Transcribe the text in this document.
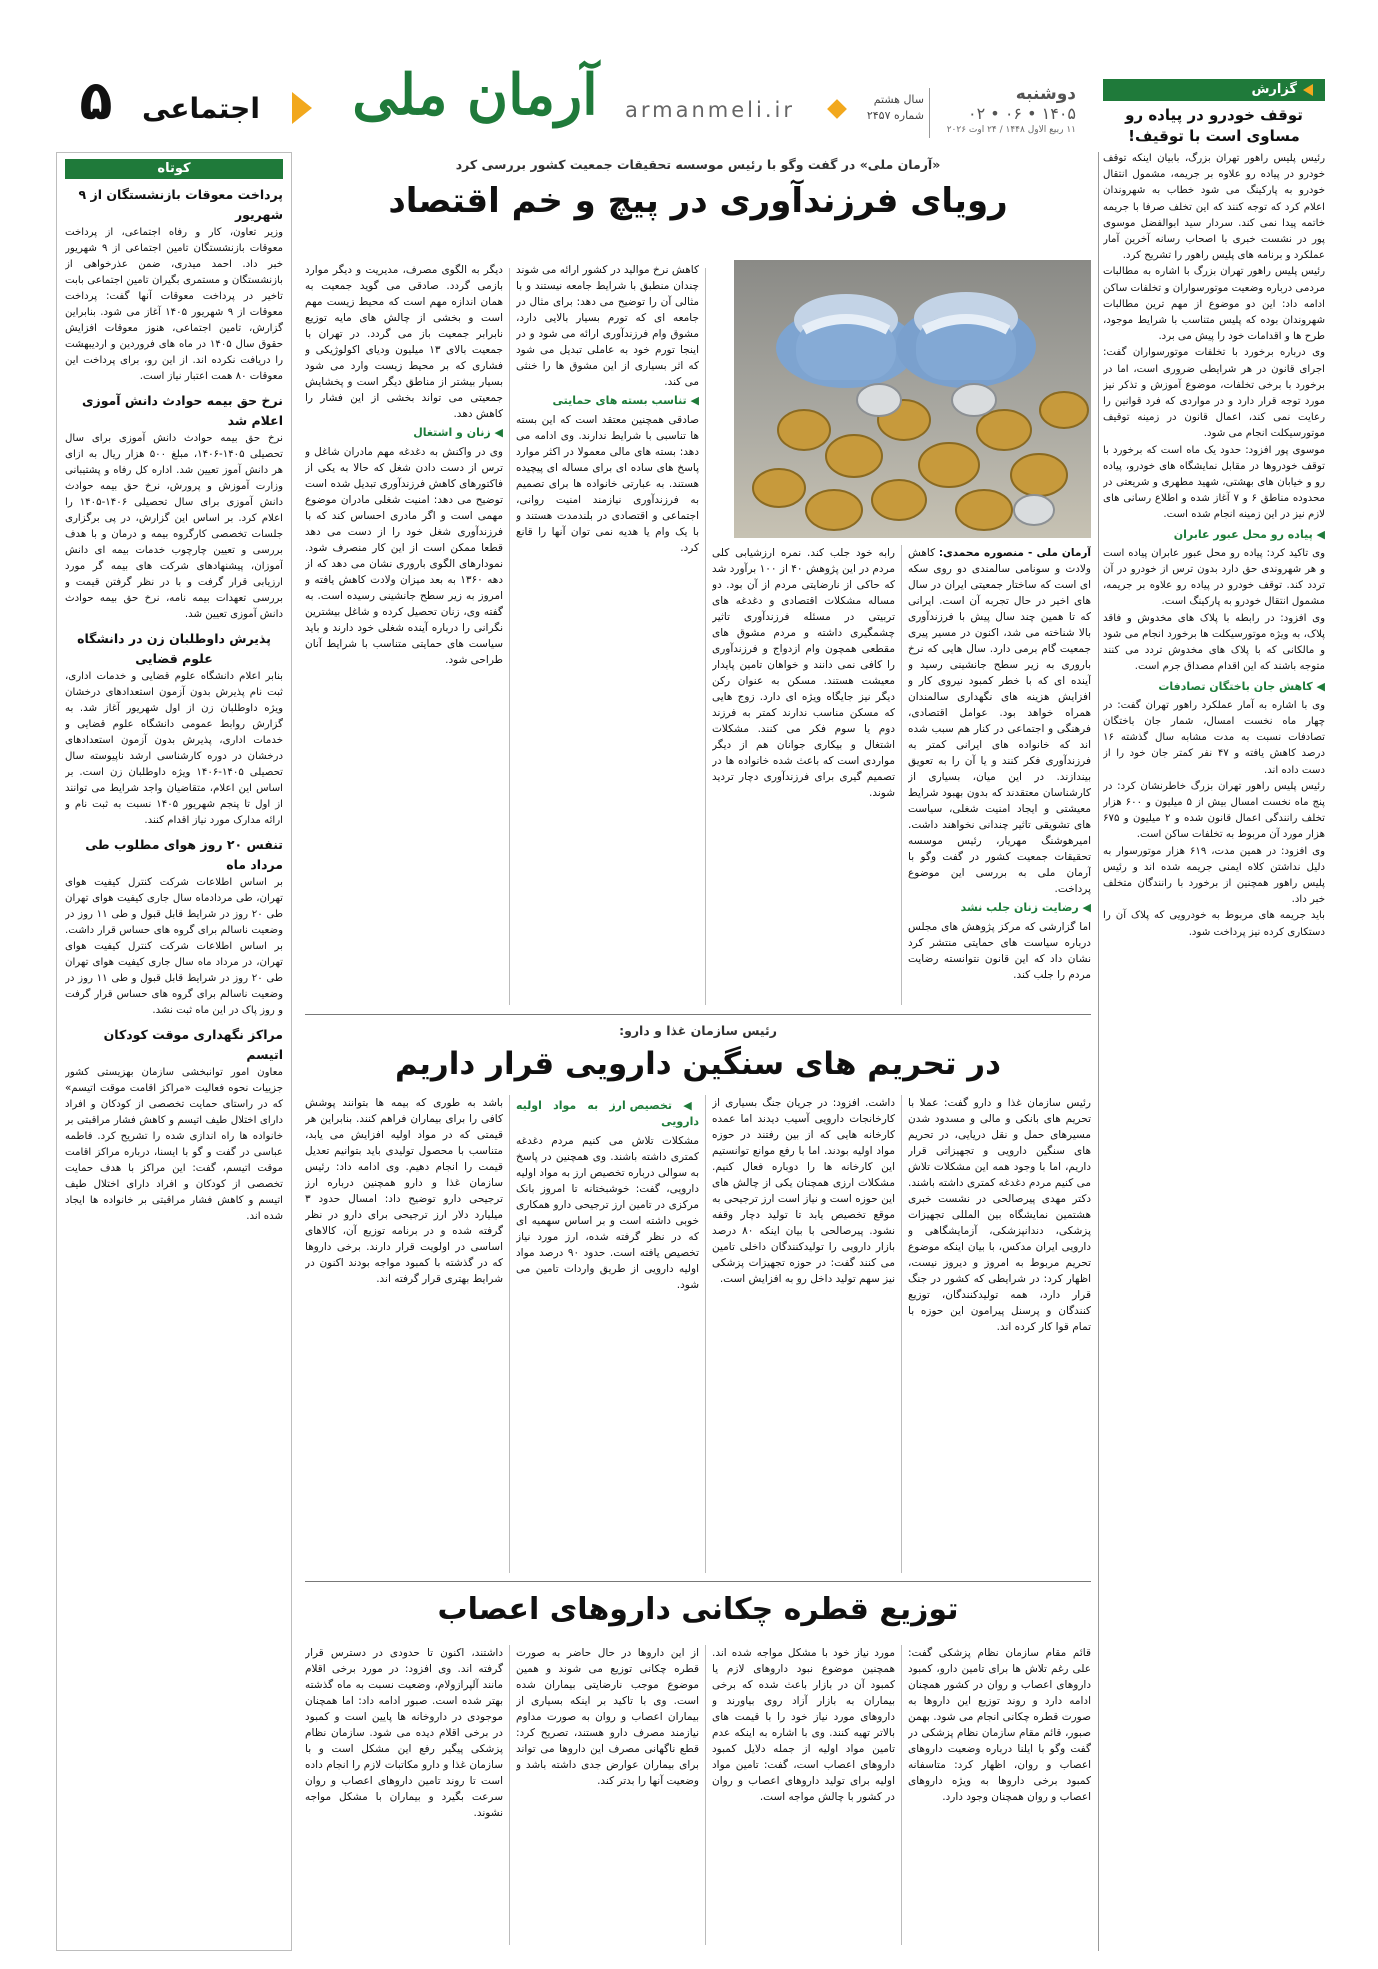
۵	اجتماعی آرمان ملی	armanmeli.ir	سال هشتم
شماره ۲۴۵۷
دوشنبه
۱۴۰۵ • ۰۶ • ۰۲
۱۱ ربیع الاول ۱۴۴۸ / ۲۴ اوت ۲۰۲۶
گزارش
توقف خودرو در پیاده رو مساوی است با توقیف!

رئیس پلیس راهور تهران بزرگ، بابیان اینکه توقف خودرو در پیاده رو علاوه بر جریمه، مشمول انتقال خودرو به پارکینگ می شود خطاب به شهروندان اعلام کرد که توجه کنند که این تخلف صرفا با جریمه خاتمه پیدا نمی کند. سردار سید ابوالفضل موسوی پور در نشست خبری با اصحاب رسانه آخرین آمار عملکرد و برنامه های پلیس راهور را تشریح کرد.

رئیس پلیس راهور تهران بزرگ با اشاره به مطالبات مردمی درباره وضعیت موتورسواران و تخلفات ساکن ادامه داد: این دو موضوع از مهم ترین مطالبات شهروندان بوده که پلیس متناسب با شرایط موجود، طرح ها و اقدامات خود را پیش می برد.

وی درباره برخورد با تخلفات موتورسواران گفت: اجرای قانون در هر شرایطی ضروری است، اما در برخورد با برخی تخلفات، موضوع آموزش و تذکر نیز مورد توجه قرار دارد و در مواردی که فرد قوانین را رعایت نمی کند، اعمال قانون در زمینه توقیف موتورسیکلت انجام می شود.

موسوی پور افزود: حدود یک ماه است که برخورد با توقف خودروها در مقابل نمایشگاه های خودرو، پیاده رو و خیابان های بهشتی، شهید مطهری و شریعتی در محدوده مناطق ۶ و ۷ آغاز شده و اطلاع رسانی های لازم نیز در این زمینه انجام شده است.

◀ پیاده رو محل عبور عابران

وی تاکید کرد: پیاده رو محل عبور عابران پیاده است و هر شهروندی حق دارد بدون ترس از خودرو در آن تردد کند. توقف خودرو در پیاده رو علاوه بر جریمه، مشمول انتقال خودرو به پارکینگ است.

وی افزود: در رابطه با پلاک های مخدوش و فاقد پلاک، به ویژه موتورسیکلت ها برخورد انجام می شود و مالکانی که با پلاک های مخدوش تردد می کنند متوجه باشند که این اقدام مصداق جرم است.

◀ کاهش جان باختگان تصادفات

وی با اشاره به آمار عملکرد راهور تهران گفت: در چهار ماه نخست امسال، شمار جان باختگان تصادفات نسبت به مدت مشابه سال گذشته ۱۶ درصد کاهش یافته و ۴۷ نفر کمتر جان خود را از دست داده اند.

رئیس پلیس راهور تهران بزرگ خاطرنشان کرد: در پنج ماه نخست امسال بیش از ۵ میلیون و ۶۰۰ هزار تخلف رانندگی اعمال قانون شده و ۲ میلیون و ۶۷۵ هزار مورد آن مربوط به تخلفات ساکن است.

وی افزود: در همین مدت، ۶۱۹ هزار موتورسوار به دلیل نداشتن کلاه ایمنی جریمه شده اند و رئیس پلیس راهور همچنین از برخورد با رانندگان متخلف خبر داد.

باید جریمه های مربوط به خودرویی که پلاک آن را دستکاری کرده نیز پرداخت شود.

کوتاه
پرداخت معوقات بازنشستگان از ۹ شهریور
وزیر تعاون، کار و رفاه اجتماعی، از پرداخت معوقات بازنشستگان تامین اجتماعی از ۹ شهریور خبر داد. احمد میدری، ضمن عذرخواهی از بازنشستگان و مستمری بگیران تامین اجتماعی بابت تاخیر در پرداخت معوقات آنها گفت: پرداخت معوقات از ۹ شهریور ۱۴۰۵ آغاز می شود. بنابراین گزارش، تامین اجتماعی، هنوز معوقات افزایش حقوق سال ۱۴۰۵ در ماه های فروردین و اردیبهشت را دریافت نکرده اند. از این رو، برای پرداخت این معوقات ۸۰ همت اعتبار نیاز است.
نرخ حق بیمه حوادث دانش آموزی اعلام شد
نرخ حق بیمه حوادث دانش آموزی برای سال تحصیلی ۱۴۰۵-۱۴۰۶، مبلغ ۵۰۰ هزار ریال به ازای هر دانش آموز تعیین شد. اداره کل رفاه و پشتیبانی وزارت آموزش و پرورش، نرخ حق بیمه حوادث دانش آموزی برای سال تحصیلی ۱۴۰۶-۱۴۰۵ را اعلام کرد. بر اساس این گزارش، در پی برگزاری جلسات تخصصی کارگروه بیمه و درمان و با هدف بررسی و تعیین چارچوب خدمات بیمه ای دانش آموزان، پیشنهادهای شرکت های بیمه گر مورد ارزیابی قرار گرفت و با در نظر گرفتن قیمت و بررسی تعهدات بیمه نامه، نرخ حق بیمه حوادث دانش آموزی تعیین شد.
پذیرش داوطلبان زن در دانشگاه علوم قضایی
بنابر اعلام دانشگاه علوم قضایی و خدمات اداری، ثبت نام پذیرش بدون آزمون استعدادهای درخشان ویژه داوطلبان زن از اول شهریور آغاز شد. به گزارش روابط عمومی دانشگاه علوم قضایی و خدمات اداری، پذیرش بدون آزمون استعدادهای درخشان در دوره کارشناسی ارشد ناپیوسته سال تحصیلی ۱۴۰۵-۱۴۰۶ ویژه داوطلبان زن است. بر اساس این اعلام، متقاضیان واجد شرایط می توانند از اول تا پنجم شهریور ۱۴۰۵ نسبت به ثبت نام و ارائه مدارک مورد نیاز اقدام کنند.
تنفس ۲۰ روز هوای مطلوب طی مرداد ماه
بر اساس اطلاعات شرکت کنترل کیفیت هوای تهران، طی مردادماه سال جاری کیفیت هوای تهران طی ۲۰ روز در شرایط قابل قبول و طی ۱۱ روز در وضعیت ناسالم برای گروه های حساس قرار داشت. بر اساس اطلاعات شرکت کنترل کیفیت هوای تهران، در مرداد ماه سال جاری کیفیت هوای تهران طی ۲۰ روز در شرایط قابل قبول و طی ۱۱ روز در وضعیت ناسالم برای گروه های حساس قرار گرفت و روز پاک در این ماه ثبت نشد.
مراکز نگهداری موقت کودکان اتیسم
معاون امور توانبخشی سازمان بهزیستی کشور جزییات نحوه فعالیت «مراکز اقامت موقت اتیسم» که در راستای حمایت تخصصی از کودکان و افراد دارای اختلال طیف اتیسم و کاهش فشار مراقبتی بر خانواده ها راه اندازی شده را تشریح کرد. فاطمه عباسی در گفت و گو با ایسنا، درباره مراکز اقامت موقت اتیسم، گفت: این مراکز با هدف حمایت تخصصی از کودکان و افراد دارای اختلال طیف اتیسم و کاهش فشار مراقبتی بر خانواده ها ایجاد شده اند.
«آرمان ملی» در گفت وگو با رئیس موسسه تحقیقات جمعیت کشور بررسی کرد
رویای فرزندآوری در پیچ و خم اقتصاد
آرمان ملی - منصوره محمدی: کاهش ولادت و سونامی سالمندی دو روی سکه ای است که ساختار جمعیتی ایران در سال های اخیر در حال تجربه آن است. ایرانی که تا همین چند سال پیش با فرزندآوری بالا شناخته می شد، اکنون در مسیر پیری جمعیت گام برمی دارد. سال هایی که نرخ باروری به زیر سطح جانشینی رسید و آینده ای که با خطر کمبود نیروی کار و افزایش هزینه های نگهداری سالمندان همراه خواهد بود. عوامل اقتصادی، فرهنگی و اجتماعی در کنار هم سبب شده اند که خانواده های ایرانی کمتر به فرزندآوری فکر کنند و یا آن را به تعویق بیندازند. در این میان، بسیاری از کارشناسان معتقدند که بدون بهبود شرایط معیشتی و ایجاد امنیت شغلی، سیاست های تشویقی تاثیر چندانی نخواهند داشت. امیرهوشنگ مهریار، رئیس موسسه تحقیقات جمعیت کشور در گفت وگو با آرمان ملی به بررسی این موضوع پرداخت.
◀ رضایت زنان جلب نشد
اما گزارشی که مرکز پژوهش های مجلس درباره سیاست های حمایتی منتشر کرد نشان داد که این قانون نتوانسته رضایت مردم را جلب کند.
رابه خود جلب کند. نمره ارزشیابی کلی مردم در این پژوهش ۴۰ از ۱۰۰ برآورد شد که حاکی از نارضایتی مردم از آن بود. دو مساله مشکلات اقتصادی و دغدغه های تربیتی در مسئله فرزندآوری تاثیر چشمگیری داشته و مردم مشوق های مقطعی همچون وام ازدواج و فرزندآوری را کافی نمی دانند و خواهان تامین پایدار معیشت هستند. مسکن به عنوان رکن دیگر نیز جایگاه ویژه ای دارد. زوج هایی که مسکن مناسب ندارند کمتر به فرزند دوم یا سوم فکر می کنند. مشکلات اشتغال و بیکاری جوانان هم از دیگر مواردی است که باعث شده خانواده ها در تصمیم گیری برای فرزندآوری دچار تردید شوند.
کاهش نرخ موالید در کشور ارائه می شوند چندان منطبق با شرایط جامعه نیستند و با مثالی آن را توضیح می دهد: برای مثال در جامعه ای که تورم بسیار بالایی دارد، مشوق وام فرزندآوری ارائه می شود و در اینجا تورم خود به عاملی تبدیل می شود که اثر بسیاری از این مشوق ها را خنثی می کند.
◀ تناسب بسته های حمایتی
صادقی همچنین معتقد است که این بسته ها تناسبی با شرایط ندارند. وی ادامه می دهد: بسته های مالی معمولا در اکثر موارد پاسخ های ساده ای برای مساله ای پیچیده هستند. به عبارتی خانواده ها برای تصمیم به فرزندآوری نیازمند امنیت روانی، اجتماعی و اقتصادی در بلندمدت هستند و با یک وام یا هدیه نمی توان آنها را قانع کرد.
دیگر به الگوی مصرف، مدیریت و دیگر موارد بازمی گردد. صادقی می گوید جمعیت به همان اندازه مهم است که محیط زیست مهم است و بخشی از چالش های مایه توزیع نابرابر جمعیت باز می گردد. در تهران با جمعیت بالای ۱۳ میلیون ودیای اکولوژیکی و فشاری که بر محیط زیست وارد می شود بسیار بیشتر از مناطق دیگر است و پخشایش جمعیتی می تواند بخشی از این فشار را کاهش دهد.
◀ زنان و اشتغال
وی در واکنش به دغدغه مهم مادران شاغل و ترس از دست دادن شغل که حالا به یکی از فاکتورهای کاهش فرزندآوری تبدیل شده است توضیح می دهد: امنیت شغلی مادران موضوع مهمی است و اگر مادری احساس کند که با فرزندآوری شغل خود را از دست می دهد قطعا ممکن است از این کار منصرف شود. نمودارهای الگوی باروری نشان می دهد که از دهه ۱۳۶۰ به بعد میزان ولادت کاهش یافته و امروز به زیر سطح جانشینی رسیده است. به گفته وی، زنان تحصیل کرده و شاغل بیشترین نگرانی را درباره آینده شغلی خود دارند و باید سیاست های حمایتی متناسب با شرایط آنان طراحی شود.
رئیس سازمان غذا و دارو:
در تحریم های سنگین دارویی قرار داریم
رئیس سازمان غذا و دارو گفت: عملا با تحریم های بانکی و مالی و مسدود شدن مسیرهای حمل و نقل دریایی، در تحریم های سنگین دارویی و تجهیزاتی قرار داریم، اما با وجود همه این مشکلات تلاش می کنیم مردم دغدغه کمتری داشته باشند. دکتر مهدی پیرصالحی در نشست خبری هشتمین نمایشگاه بین المللی تجهیزات پزشکی، دندانپزشکی، آزمایشگاهی و دارویی ایران مدکس، با بیان اینکه موضوع تحریم مربوط به امروز و دیروز نیست، اظهار کرد: در شرایطی که کشور در جنگ قرار دارد، همه تولیدکنندگان، توزیع کنندگان و پرسنل پیرامون این حوزه با تمام قوا کار کرده اند.
داشت. افزود: در جریان جنگ بسیاری از کارخانجات دارویی آسیب دیدند اما عمده کارخانه هایی که از بین رفتند در حوزه مواد اولیه بودند. اما با رفع موانع توانستیم این کارخانه ها را دوباره فعال کنیم. مشکلات ارزی همچنان یکی از چالش های این حوزه است و نیاز است ارز ترجیحی به موقع تخصیص یابد تا تولید دچار وقفه نشود. پیرصالحی با بیان اینکه ۸۰ درصد بازار دارویی را تولیدکنندگان داخلی تامین می کنند گفت: در حوزه تجهیزات پزشکی نیز سهم تولید داخل رو به افزایش است.
◀ تخصیص ارز به مواد اولیه دارویی
مشکلات تلاش می کنیم مردم دغدغه کمتری داشته باشند. وی همچنین در پاسخ به سوالی درباره تخصیص ارز به مواد اولیه دارویی، گفت: خوشبختانه تا امروز بانک مرکزی در تامین ارز ترجیحی دارو همکاری خوبی داشته است و بر اساس سهمیه ای که در نظر گرفته شده، ارز مورد نیاز تخصیص یافته است. حدود ۹۰ درصد مواد اولیه دارویی از طریق واردات تامین می شود.
باشد به طوری که بیمه ها بتوانند پوشش کافی را برای بیماران فراهم کنند. بنابراین هر قیمتی که در مواد اولیه افزایش می یابد، متناسب با محصول تولیدی باید بتوانیم تعدیل قیمت را انجام دهیم. وی ادامه داد: رئیس سازمان غذا و دارو همچنین درباره ارز ترجیحی دارو توضیح داد: امسال حدود ۳ میلیارد دلار ارز ترجیحی برای دارو در نظر گرفته شده و در برنامه توزیع آن، کالاهای اساسی در اولویت قرار دارند. برخی داروها که در گذشته با کمبود مواجه بودند اکنون در شرایط بهتری قرار گرفته اند.
توزیع قطره چکانی داروهای اعصاب
قائم مقام سازمان نظام پزشکی گفت: علی رغم تلاش ها برای تامین دارو، کمبود داروهای اعصاب و روان در کشور همچنان ادامه دارد و روند توزیع این داروها به صورت قطره چکانی انجام می شود. بهمن صبور، قائم مقام سازمان نظام پزشکی در گفت وگو با ایلنا درباره وضعیت داروهای اعصاب و روان، اظهار کرد: متاسفانه کمبود برخی داروها به ویژه داروهای اعصاب و روان همچنان وجود دارد.
مورد نیاز خود با مشکل مواجه شده اند. همچنین موضوع نبود داروهای لازم یا کمبود آن در بازار باعث شده که برخی بیماران به بازار آزاد روی بیاورند و داروهای مورد نیاز خود را با قیمت های بالاتر تهیه کنند. وی با اشاره به اینکه عدم تامین مواد اولیه از جمله دلایل کمبود داروهای اعصاب است، گفت: تامین مواد اولیه برای تولید داروهای اعصاب و روان در کشور با چالش مواجه است.
از این داروها در حال حاضر به صورت قطره چکانی توزیع می شوند و همین موضوع موجب نارضایتی بیماران شده است. وی با تاکید بر اینکه بسیاری از بیماران اعصاب و روان به صورت مداوم نیازمند مصرف دارو هستند، تصریح کرد: قطع ناگهانی مصرف این داروها می تواند برای بیماران عوارض جدی داشته باشد و وضعیت آنها را بدتر کند.
داشتند، اکنون تا حدودی در دسترس قرار گرفته اند. وی افزود: در مورد برخی اقلام مانند آلپرازولام، وضعیت نسبت به ماه گذشته بهتر شده است. صبور ادامه داد: اما همچنان موجودی در داروخانه ها پایین است و کمبود در برخی اقلام دیده می شود. سازمان نظام پزشکی پیگیر رفع این مشکل است و با سازمان غذا و دارو مکاتبات لازم را انجام داده است تا روند تامین داروهای اعصاب و روان سرعت بگیرد و بیماران با مشکل مواجه نشوند.
